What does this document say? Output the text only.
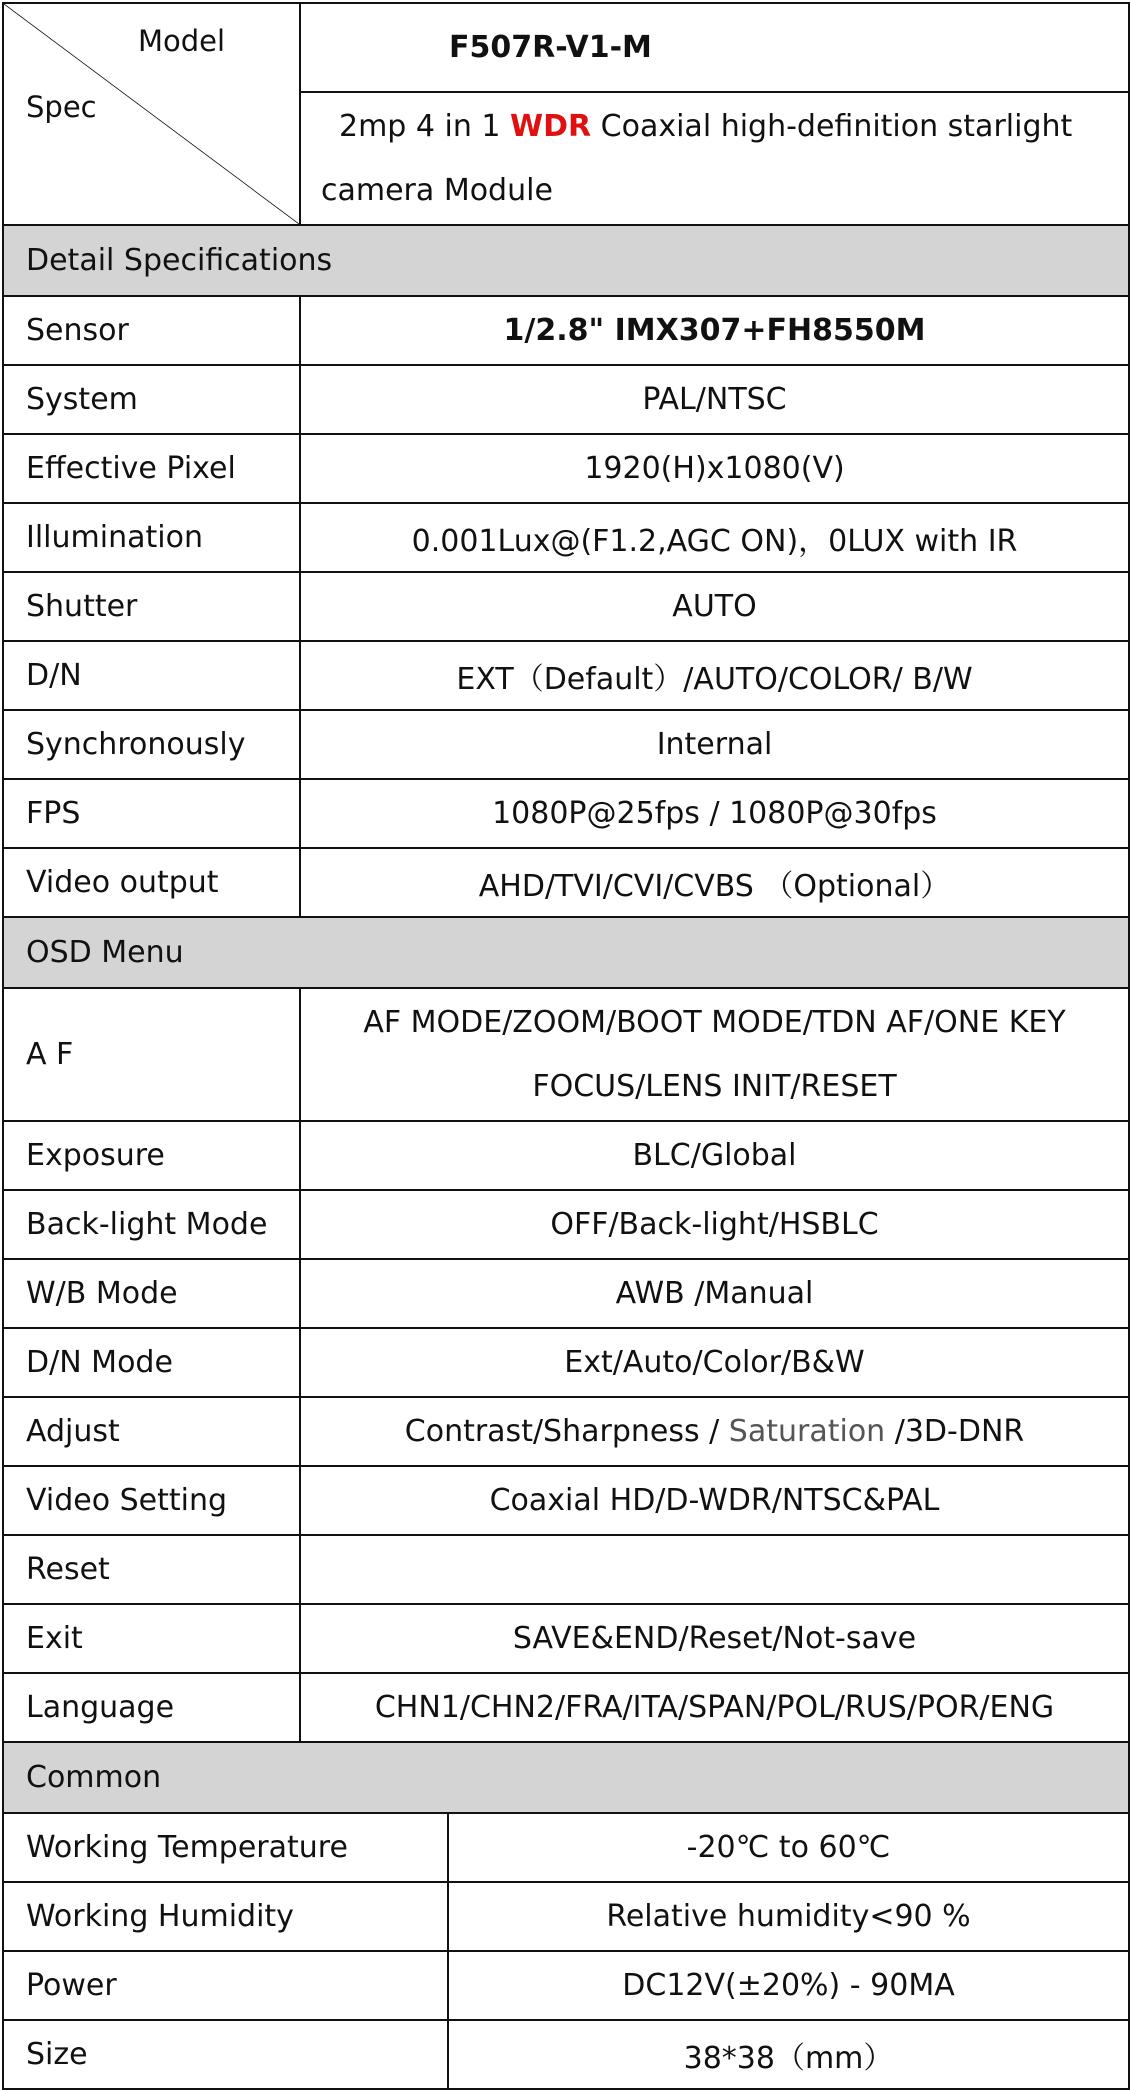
Model
Spec	F507R-V1-M	
	2mp 4 in 1 WDR Coaxial high-definition starlight camera Module	
Detail Specifications		
Sensor	1/2.8" IMX307+FH8550M	
System	PAL/NTSC	
Effective Pixel	1920(H)x1080(V)	
Illumination	0.001Lux@(F1.2,AGC ON)，0LUX with IR	
Shutter	AUTO	
D/N	EXT（Default）/AUTO/COLOR/ B/W	
Synchronously	Internal	
FPS	1080P@25fps / 1080P@30fps	
Video output	AHD/TVI/CVI/CVBS （Optional）	
OSD Menu		
A F	AF MODE/ZOOM/BOOT MODE/TDN AF/ONE KEY FOCUS/LENS INIT/RESET	
Exposure	BLC/Global	
Back-light Mode	OFF/Back-light/HSBLC	
W/B Mode	AWB /Manual	
D/N Mode	Ext/Auto/Color/B&W	
Adjust	Contrast/Sharpness / Saturation /3D-DNR	
Video Setting	Coaxial HD/D-WDR/NTSC&PAL	
Reset		
Exit	SAVE&END/Reset/Not-save	
Language	CHN1/CHN2/FRA/ITA/SPAN/POL/RUS/POR/ENG	
Common		
Working Temperature		-20℃ to 60℃
Working Humidity		Relative humidity<90 %
Power		DC12V(±20%) - 90MA
Size		38*38（mm）
